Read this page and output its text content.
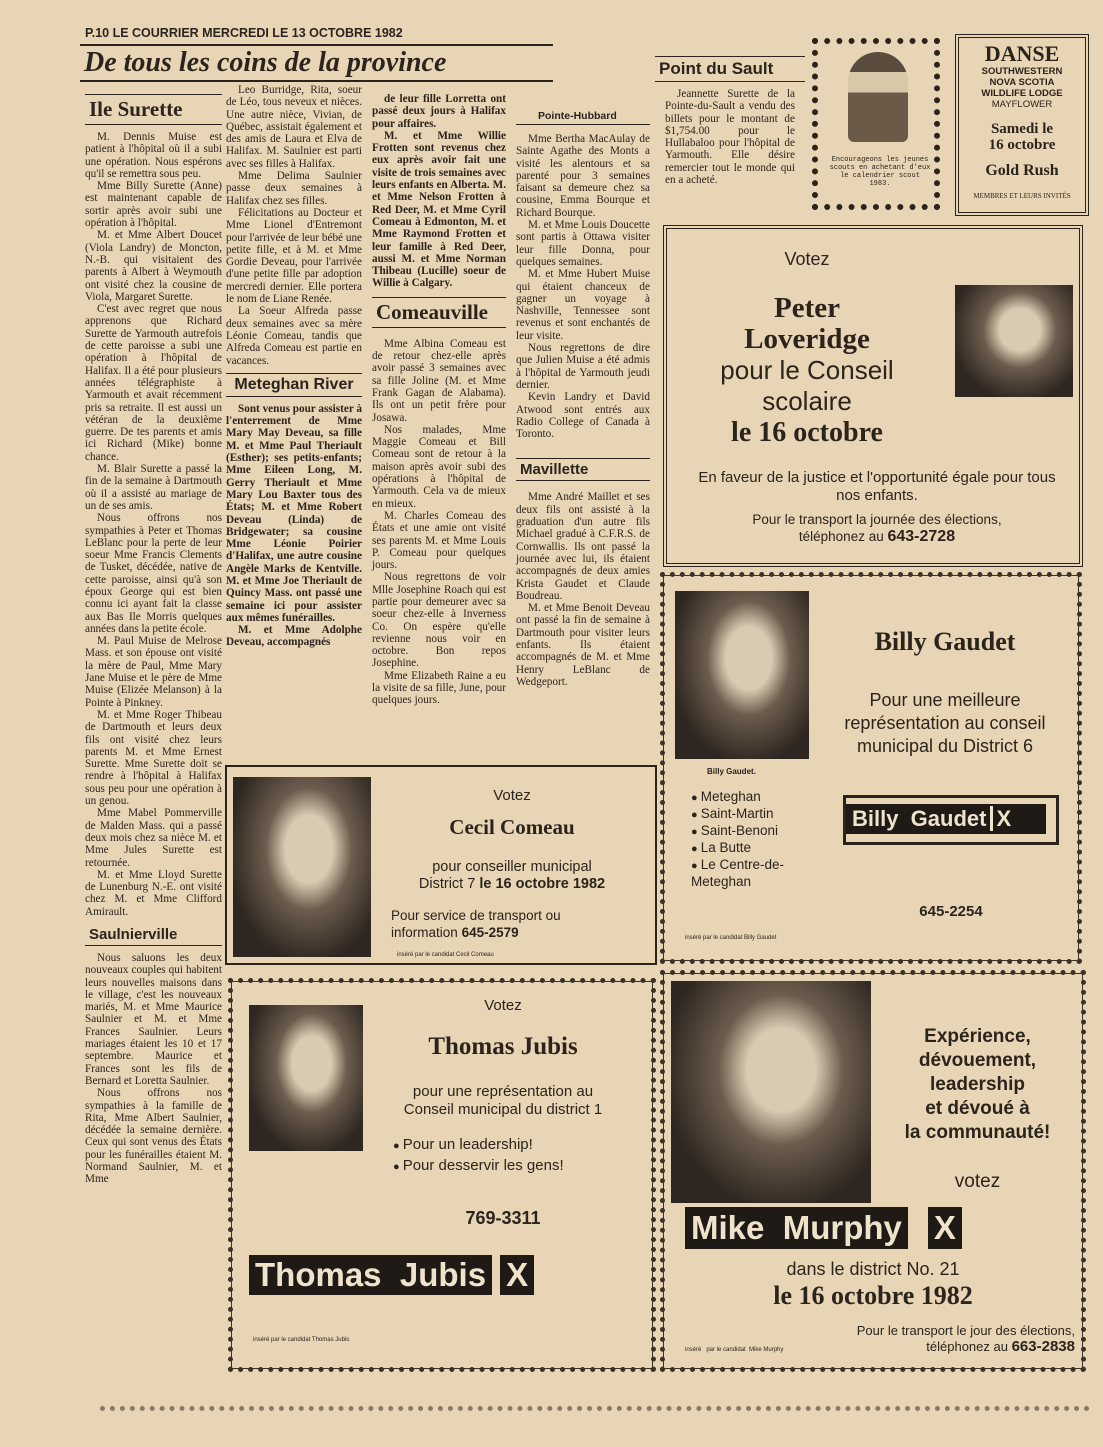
P.10 LE COURRIER MERCREDI LE 13 OCTOBRE 1982
De tous les coins de la province
Ile Surette

M. Dennis Muise est patient à l'hôpital où il a subi une opération. Nous espérons qu'il se remettra sous peu.

Mme Billy Surette (Anne) est maintenant capable de sortir après avoir subi une opération à l'hôpital.

M. et Mme Albert Doucet (Viola Landry) de Moncton, N.-B. qui visitaient des parents à Albert à Weymouth ont visité chez la cousine de Viola, Margaret Surette.

C'est avec regret que nous apprenons que Richard Surette de Yarmouth autrefois de cette paroisse a subi une opération à l'hôpital de Halifax. Il a été pour plusieurs années télégraphiste à Yarmouth et avait récemment pris sa retraite. Il est aussi un vétéran de la deuxième guerre. De tes parents et amis ici Richard (Mike) bonne chance.

M. Blair Surette a passé la fin de la semaine à Dartmouth où il a assisté au mariage de un de ses amis.

Nous offrons nos sympathies à Peter et Thomas LeBlanc pour la perte de leur soeur Mme Francis Clements de Tusket, décédée, native de cette paroisse, ainsi qu'à son époux George qui est bien connu ici ayant fait la classe aux Bas Ile Morris quelques années dans la petite école.

M. Paul Muise de Melrose Mass. et son épouse ont visité la mère de Paul, Mme Mary Jane Muise et le père de Mme Muise (Elizée Melanson) à la Pointe à Pinkney.

M. et Mme Roger Thibeau de Dartmouth et leurs deux fils ont visité chez leurs parents M. et Mme Ernest Surette. Mme Surette doit se rendre à l'hôpital à Halifax sous peu pour une opération à un genou.

Mme Mabel Pommerville de Malden Mass. qui a passé deux mois chez sa nièce M. et Mme Jules Surette est retournée.

M. et Mme Lloyd Surette de Lunenburg N.-E. ont visité chez M. et Mme Clifford Amirault.

Saulnierville

Nous saluons les deux nouveaux couples qui habitent leurs nouvelles maisons dans le village, c'est les nouveaux mariés, M. et Mme Maurice Saulnier et M. et Mme Frances Saulnier. Leurs mariages étaient les 10 et 17 septembre. Maurice et Frances sont les fils de Bernard et Loretta Saulnier.

Nous offrons nos sympathies à la famille de Rita, Mme Albert Saulnier, décédée la semaine dernière. Ceux qui sont venus des États pour les funérailles étaient M. Normand Saulnier, M. et Mme

Leo Burridge, Rita, soeur de Léo, tous neveux et nièces. Une autre nièce, Vivian, de Québec, assistait également et des amis de Laura et Elva de Halifax. M. Saulnier est parti avec ses filles à Halifax.

Mme Delima Saulnier passe deux semaines à Halifax chez ses filles.

Félicitations au Docteur et Mme Lionel d'Entremont pour l'arrivée de leur bébé une petite fille, et à M. et Mme Gordie Deveau, pour l'arrivée d'une petite fille par adoption mercredi dernier. Elle portera le nom de Liane Renée.

La Soeur Alfreda passe deux semaines avec sa mère Léonie Comeau, tandis que Alfreda Comeau est partie en vacances.

Meteghan River

Sont venus pour assister à l'enterrement de Mme Mary May Deveau, sa fille M. et Mme Paul Theriault (Esther); ses petits-enfants; Mme Eileen Long, M. Gerry Theriault et Mme Mary Lou Baxter tous des États; M. et Mme Robert Deveau (Linda) de Bridgewater; sa cousine Mme Léonie Poirier d'Halifax, une autre cousine Angèle Marks de Kentville. M. et Mme Joe Theriault de Quincy Mass. ont passé une semaine ici pour assister aux mêmes funérailles.

M. et Mme Adolphe Deveau, accompagnés

de leur fille Lorretta ont passé deux jours à Halifax pour affaires.

M. et Mme Willie Frotten sont revenus chez eux après avoir fait une visite de trois semaines avec leurs enfants en Alberta. M. et Mme Nelson Frotten à Red Deer, M. et Mme Cyril Comeau à Edmonton, M. et Mme Raymond Frotten et leur famille à Red Deer, aussi M. et Mme Norman Thibeau (Lucille) soeur de Willie à Calgary.

Comeauville

Mme Albina Comeau est de retour chez-elle après avoir passé 3 semaines avec sa fille Joline (M. et Mme Frank Gagan de Alabama). Ils ont un petit frère pour Josawa.

Nos malades, Mme Maggie Comeau et Bill Comeau sont de retour à la maison après avoir subi des opérations à l'hôpital de Yarmouth. Cela va de mieux en mieux.

M. Charles Comeau des États et une amie ont visité ses parents M. et Mme Louis P. Comeau pour quelques jours.

Nous regrettons de voir Mlle Josephine Roach qui est partie pour demeurer avec sa soeur chez-elle à Inverness Co. On espère qu'elle revienne nous voir en octobre. Bon repos Josephine.

Mme Elizabeth Raine a eu la visite de sa fille, June, pour quelques jours.

Pointe-Hubbard

Mme Bertha MacAulay de Sainte Agathe des Monts a visité les alentours et sa parenté pour 3 semaines faisant sa demeure chez sa cousine, Emma Bourque et Richard Bourque.

M. et Mme Louis Doucette sont partis à Ottawa visiter leur fille Donna, pour quelques semaines.

M. et Mme Hubert Muise qui étaient chanceux de gagner un voyage à Nashville, Tennessee sont revenus et sont enchantés de leur visite.

Nous regrettons de dire que Julien Muise a été admis à l'hôpital de Yarmouth jeudi dernier.

Kevin Landry et David Atwood sont entrés aux Radio College of Canada à Toronto.

Mavillette

Mme André Maillet et ses deux fils ont assisté à la graduation d'un autre fils Michael gradué à C.F.R.S. de Cornwallis. Ils ont passé la journée avec lui, ils étaient accompagnés de deux amies Krista Gaudet et Claude Boudreau.

M. et Mme Benoit Deveau ont passé la fin de semaine à Dartmouth pour visiter leurs enfants. Ils étaient accompagnés de M. et Mme Henry LeBlanc de Wedgeport.

Point du Sault

Jeannette Surette de la Pointe-du-Sault a vendu des billets pour le montant de $1,754.00 pour le Hullabaloo pour l'hôpital de Yarmouth. Elle désire remercier tout le monde qui en a acheté.

Encourageons les jeunes scouts en achetant d'eux le calendrier scout 1983.
DANSE
SOUTHWESTERN
NOVA SCOTIA
WILDLIFE LODGE
MAYFLOWER
Samedi le
16 octobre
Gold Rush
MEMBRES ET LEURS INVITÉS
Votez
Peter
Loveridge
pour le Conseil
scolaire
le 16 octobre
En faveur de la justice et l'opportunité égale pour tous nos enfants.
Pour le transport la journée des élections,
téléphonez au 643-2728
Billy Gaudet.
Billy Gaudet
Pour une meilleure représentation au conseil municipal du District 6
● Meteghan
● Saint-Martin
● Saint-Benoni
● La Butte
● Le Centre-de-Meteghan
Billy  Gaudet X
645-2254
inséré par le candidat Billy Gaudet
Votez
Cecil Comeau
pour conseiller municipal
District 7 le 16 octobre 1982
Pour service de transport ou information 645-2579
inséré par le candidat Cecil Comeau
Votez
Thomas Jubis
pour une représentation au
Conseil municipal du district 1
● Pour un leadership!
● Pour desservir les gens!
769-3311
Thomas  Jubis X
inséré par le candidat Thomas Jubis
Expérience,
dévouement,
leadership
et dévoué à
la communauté!
votez
Mike  Murphy X
dans le district No. 21
le 16 octobre 1982
Pour le transport le jour des élections,
téléphonez au 663-2838
inséré   par le candidat  Mike Murphy
